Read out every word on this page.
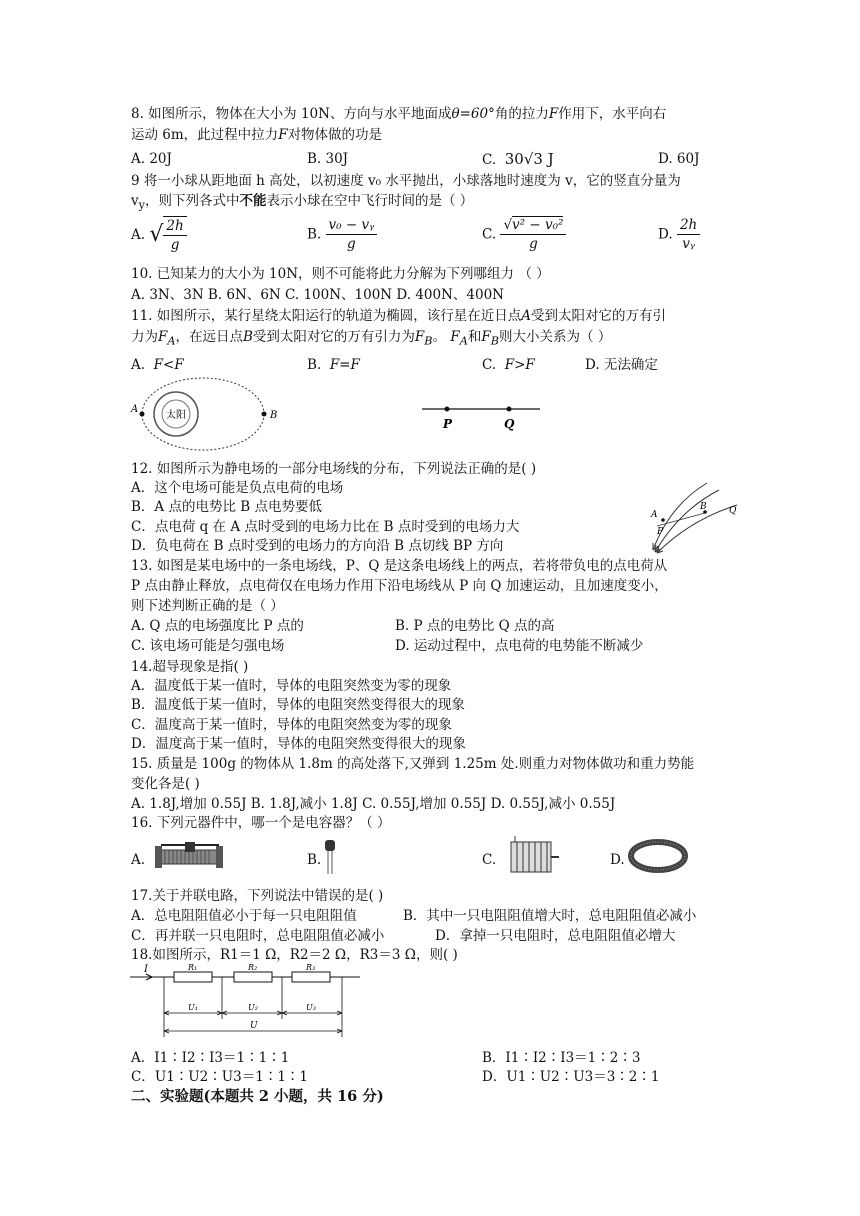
8. 如图所示，物体在大小为 10N、方向与水平地面成θ=60°角的拉力F作用下，水平向右
运动 6m，此过程中拉力F对物体做的功是
A. 20J	B. 30J	C. 30√3 J	D. 60J
9 将一小球从距地面 h 高处，以初速度 v₀ 水平抛出，小球落地时速度为 v，它的竖直分量为
$v_y$，则下列各式中不能表示小球在空中飞行时间的是（ ）
A. √ $\frac{2h}{g}$	B. $\frac{\text{v₀ − vᵧ}}{g}$	C. $\frac{\text{√v² − v₀²}}{g}$	D. $\frac{2h}{\text{vᵧ}}$
10. 已知某力的大小为 10N，则不可能将此力分解为下列哪组力 （ ）
A. 3N、3N B. 6N、6N C. 100N、100N D. 400N、400N
11. 如图所示，某行星绕太阳运行的轨道为椭圆，该行星在近日点A受到太阳对它的万有引
力为$F_A$，在远日点B受到太阳对它的万有引力为$F_B$。 $F_A$和$F_B$则大小关系为（ ）
A. F<F	B. F=F	C. F>F	D. 无法确定
太阳
A
B
P	Q
12. 如图所示为静电场的一部分电场线的分布，下列说法正确的是( )
A．这个电场可能是负点电荷的电场
B．A 点的电势比 B 点电势要低
C．点电荷 q 在 A 点时受到的电场力比在 B 点时受到的电场力大
D．负电荷在 B 点时受到的电场力的方向沿 B 点切线 BP 方向
A
B
P
Q
13. 如图是某电场中的一条电场线，P、Q 是这条电场线上的两点，若将带负电的点电荷从
P 点由静止释放，点电荷仅在电场力作用下沿电场线从 P 向 Q 加速运动，且加速度变小，
则下述判断正确的是（ ）
A. Q 点的电场强度比 P 点的	B. P 点的电势比 Q 点的高
C. 该电场可能是匀强电场	D. 运动过程中，点电荷的电势能不断减少
14.超导现象是指( )
A．温度低于某一值时，导体的电阻突然变为零的现象
B．温度低于某一值时，导体的电阻突然变得很大的现象
C．温度高于某一值时，导体的电阻突然变为零的现象
D．温度高于某一值时，导体的电阻突然变得很大的现象
15. 质量是 100g 的物体从 1.8m 的高处落下,又弹到 1.25m 处.则重力对物体做功和重力势能
变化各是( )
A. 1.8J,增加 0.55J B. 1.8J,减小 1.8J C. 0.55J,增加 0.55J D. 0.55J,减小 0.55J
16. 下列元器件中，哪一个是电容器？（ ）
A.	B.	C.	D.
17.关于并联电路，下列说法中错误的是( )
A．总电阻阻值必小于每一只电阻阻值	B．其中一只电阻阻值增大时，总电阻阻值必减小
C．再并联一只电阻时，总电阻阻值必减小	D．拿掉一只电阻时，总电阻阻值必增大
18.如图所示，R1＝1 Ω，R2＝2 Ω，R3＝3 Ω，则( )
I	R₁	R₂	R₃
U₁	U₂	U₃
U
A．I1∶I2∶I3＝1∶1∶1	B．I1∶I2∶I3＝1∶2∶3
C．U1∶U2∶U3＝1∶1∶1	D．U1∶U2∶U3＝3∶2∶1
二、实验题(本题共 2 小题，共 16 分)
